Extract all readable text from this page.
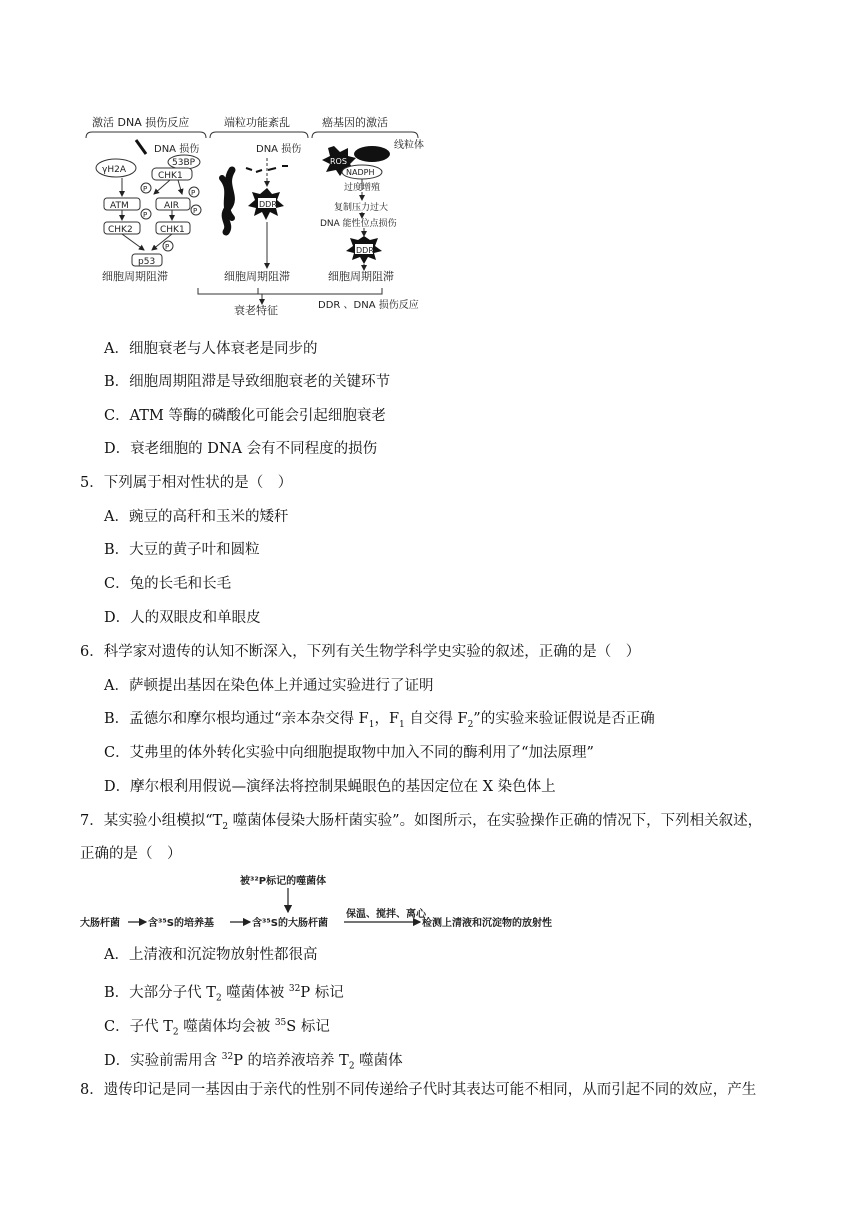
激活 DNA 损伤反应	端粒功能紊乱	癌基因的激活
DNA 损伤
γH2A
53BP
CHK1
P	P
ATM	AIR
P	P
CHK2	CHK1
P
p53
细胞周期阻滞
DNA 损伤
DDR
细胞周期阻滞
ROS
线粒体
NADPH
过度增殖
复制压力过大
DNA 能性位点损伤
DDR
细胞周期阻滞
衰老特征	DDR 、DNA 损伤反应
A．细胞衰老与人体衰老是同步的
B．细胞周期阻滞是导致细胞衰老的关键环节
C．ATM 等酶的磷酸化可能会引起细胞衰老
D．衰老细胞的 DNA 会有不同程度的损伤
5．下列属于相对性状的是（　）
A．豌豆的高秆和玉米的矮秆
B．大豆的黄子叶和圆粒
C．兔的长毛和长毛
D．人的双眼皮和单眼皮
6．科学家对遗传的认知不断深入，下列有关生物学科学史实验的叙述，正确的是（　）
A．萨顿提出基因在染色体上并通过实验进行了证明
B．孟德尔和摩尔根均通过“亲本杂交得 $F_1$，$F_1$ 自交得 $F_2$”的实验来验证假说是否正确
C．艾弗里的体外转化实验中向细胞提取物中加入不同的酶利用了“加法原理”
D．摩尔根利用假说—演绎法将控制果蝇眼色的基因定位在 X 染色体上
7．某实验小组模拟“$T_2$ 噬菌体侵染大肠杆菌实验”。如图所示，在实验操作正确的情况下，下列相关叙述，
正确的是（　）
被³²P标记的噬菌体
大肠杆菌	含³⁵S的培养基	含³⁵S的大肠杆菌
保温、搅拌、离心
检测上清液和沉淀物的放射性
A．上清液和沉淀物放射性都很高
B．大部分子代 $T_2$ 噬菌体被 $^{32}$P 标记
C．子代 $T_2$ 噬菌体均会被 $^{35}$S 标记
D．实验前需用含 $^{32}$P 的培养液培养 $T_2$ 噬菌体
8．遗传印记是同一基因由于亲代的性别不同传递给子代时其表达可能不相同，从而引起不同的效应，产生
